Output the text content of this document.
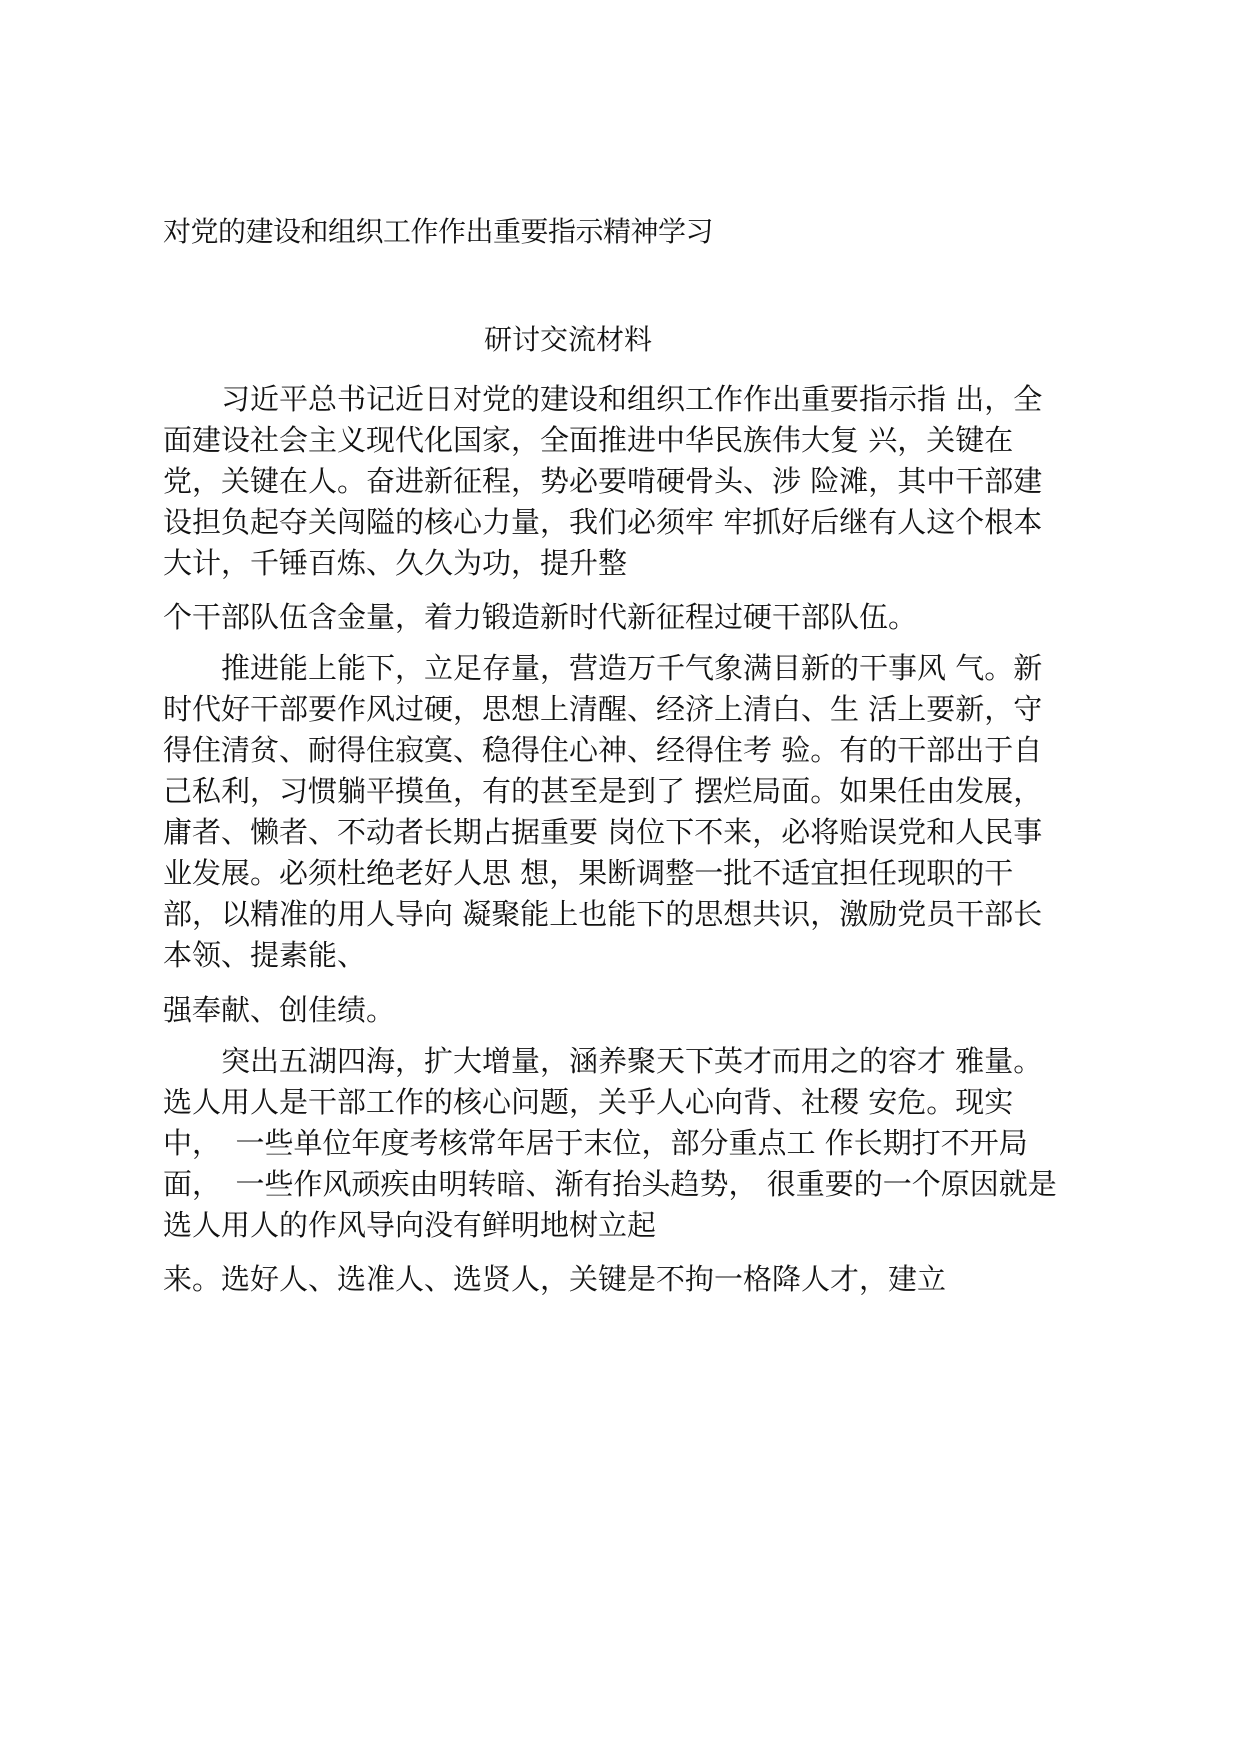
对党的建设和组织工作作出重要指示精神学习
研讨交流材料
　　习近平总书记近日对党的建设和组织工作作出重要指示指 出，全
面建设社会主义现代化国家，全面推进中华民族伟大复 兴，关键在
党，关键在人。奋进新征程，势必要啃硬骨头、涉 险滩，其中干部建
设担负起夺关闯隘的核心力量，我们必须牢 牢抓好后继有人这个根本
大计，千锤百炼、久久为功，提升整
个干部队伍含金量，着力锻造新时代新征程过硬干部队伍。
　　推进能上能下，立足存量，营造万千气象满目新的干事风 气。新
时代好干部要作风过硬，思想上清醒、经济上清白、生 活上要新，守
得住清贫、耐得住寂寞、稳得住心神、经得住考 验。有的干部出于自
己私利，习惯躺平摸鱼，有的甚至是到了 摆烂局面。如果任由发展，
庸者、懒者、不动者长期占据重要 岗位下不来，必将贻误党和人民事
业发展。必须杜绝老好人思 想，果断调整一批不适宜担任现职的干
部，以精准的用人导向 凝聚能上也能下的思想共识，激励党员干部长
本领、提素能、
强奉献、创佳绩。
　　突出五湖四海，扩大增量，涵养聚天下英才而用之的容才 雅量。
选人用人是干部工作的核心问题，关乎人心向背、社稷 安危。现实
中，　一些单位年度考核常年居于末位，部分重点工 作长期打不开局
面，　一些作风顽疾由明转暗、渐有抬头趋势， 很重要的一个原因就是
选人用人的作风导向没有鲜明地树立起
来。选好人、选准人、选贤人，关键是不拘一格降人才，建立
